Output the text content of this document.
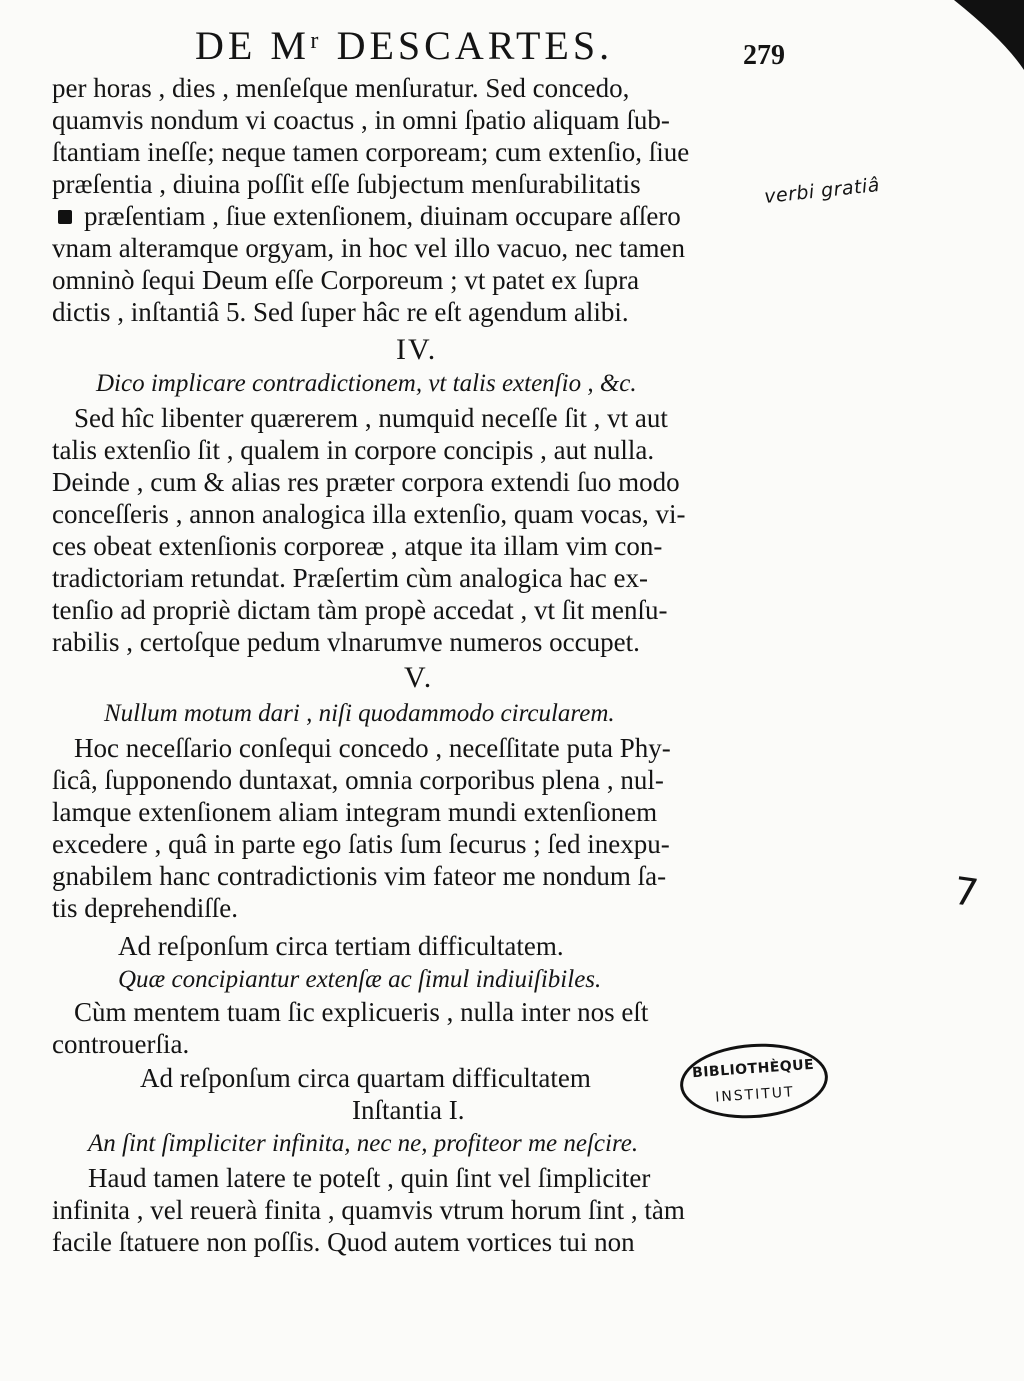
DE Mʳ DESCARTES.	279
per horas , dies , menſeſque menſuratur. Sed concedo,
quamvis nondum vi coactus , in omni ſpatio aliquam ſub-
ſtantiam ineſſe; neque tamen corpoream; cum extenſio, ſiue
præſentia , diuina poſſit eſſe ſubjectum menſurabilitatis
præſentiam , ſiue extenſionem, diuinam occupare aſſero
vnam alteramque orgyam, in hoc vel illo vacuo, nec tamen
omninò ſequi Deum eſſe Corporeum ; vt patet ex ſupra
dictis , inſtantiâ 5. Sed ſuper hâc re eſt agendum alibi.
verbi gratiâ
IV.
Dico implicare contradictionem, vt talis extenſio , &c.
Sed hîc libenter quærerem , numquid neceſſe ſit , vt aut
talis extenſio ſit , qualem in corpore concipis , aut nulla.
Deinde , cum & alias res præter corpora extendi ſuo modo
conceſſeris , annon analogica illa extenſio, quam vocas, vi-
ces obeat extenſionis corporeæ , atque ita illam vim con-
tradictoriam retundat. Præſertim cùm analogica hac ex-
tenſio ad propriè dictam tàm propè accedat , vt ſit menſu-
rabilis , certoſque pedum vlnarumve numeros occupet.
V.
Nullum motum dari , niſi quodammodo circularem.
Hoc neceſſario conſequi concedo , neceſſitate puta Phy-
ſicâ, ſupponendo duntaxat, omnia corporibus plena , nul-
lamque extenſionem aliam integram mundi extenſionem
excedere , quâ in parte ego ſatis ſum ſecurus ; ſed inexpu-
gnabilem hanc contradictionis vim fateor me nondum ſa-
tis deprehendiſſe.	7
Ad reſponſum circa tertiam difficultatem.
Quæ concipiantur extenſæ ac ſimul indiuiſibiles.
Cùm mentem tuam ſic explicueris , nulla inter nos eſt
controuerſia.
Ad reſponſum circa quartam difficultatem	BIBLIOTHÈQUE
INSTITUT
Inſtantia I.
An ſint ſimpliciter infinita, nec ne, profiteor me neſcire.
Haud tamen latere te poteſt , quin ſint vel ſimpliciter
infinita , vel reuerà finita , quamvis vtrum horum ſint , tàm
facile ſtatuere non poſſis. Quod autem vortices tui non
